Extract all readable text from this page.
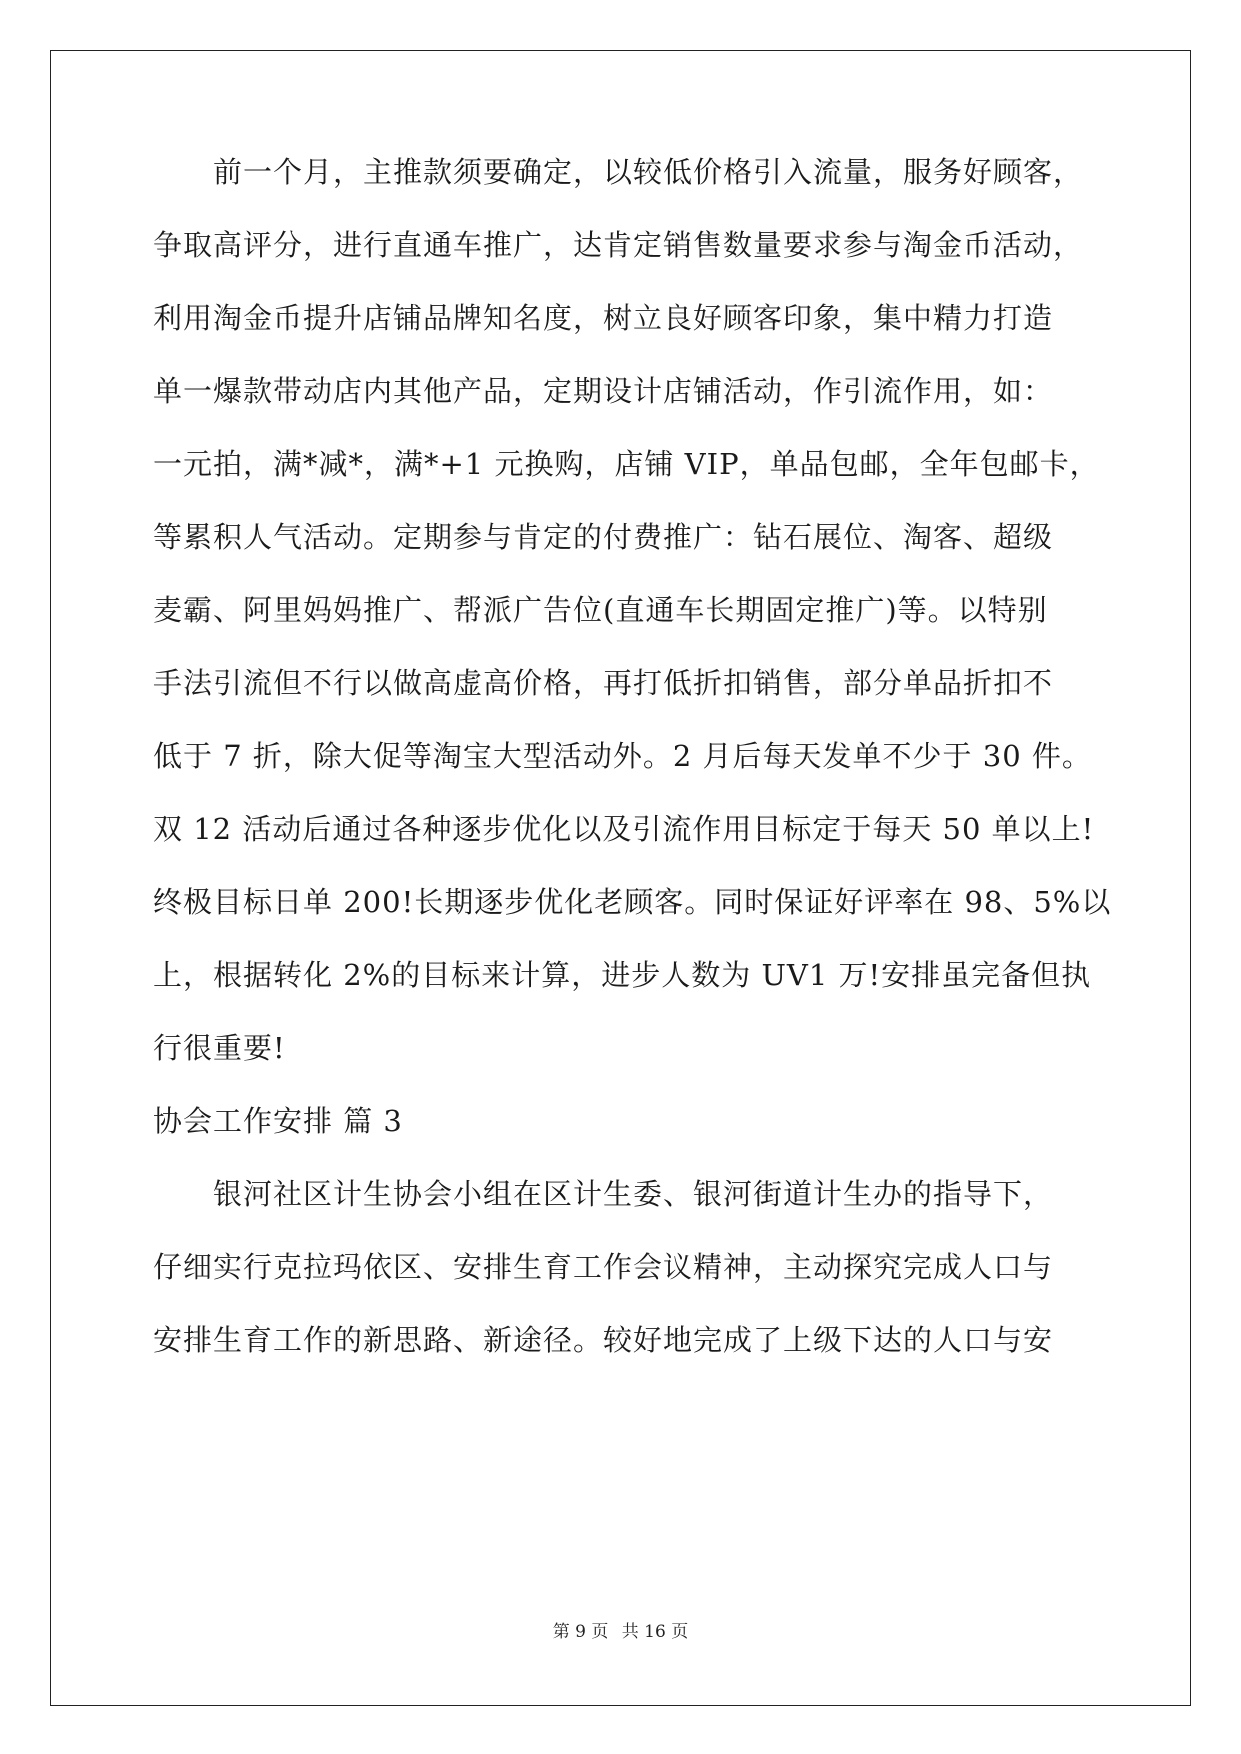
前一个月，主推款须要确定，以较低价格引入流量，服务好顾客，
争取高评分，进行直通车推广，达肯定销售数量要求参与淘金币活动，
利用淘金币提升店铺品牌知名度，树立良好顾客印象，集中精力打造
单一爆款带动店内其他产品，定期设计店铺活动，作引流作用，如：
一元拍，满*减*，满*+1 元换购，店铺 VIP，单品包邮，全年包邮卡，
等累积人气活动。定期参与肯定的付费推广：钻石展位、淘客、超级
麦霸、阿里妈妈推广、帮派广告位(直通车长期固定推广)等。以特别
手法引流但不行以做高虚高价格，再打低折扣销售，部分单品折扣不
低于 7 折，除大促等淘宝大型活动外。2 月后每天发单不少于 30 件。
双 12 活动后通过各种逐步优化以及引流作用目标定于每天 50 单以上!
终极目标日单 200!长期逐步优化老顾客。同时保证好评率在 98、5%以
上，根据转化 2%的目标来计算，进步人数为 UV1 万!安排虽完备但执
行很重要!
协会工作安排 篇 3
银河社区计生协会小组在区计生委、银河街道计生办的指导下，
仔细实行克拉玛依区、安排生育工作会议精神，主动探究完成人口与
安排生育工作的新思路、新途径。较好地完成了上级下达的人口与安
第 9 页 共 16 页
